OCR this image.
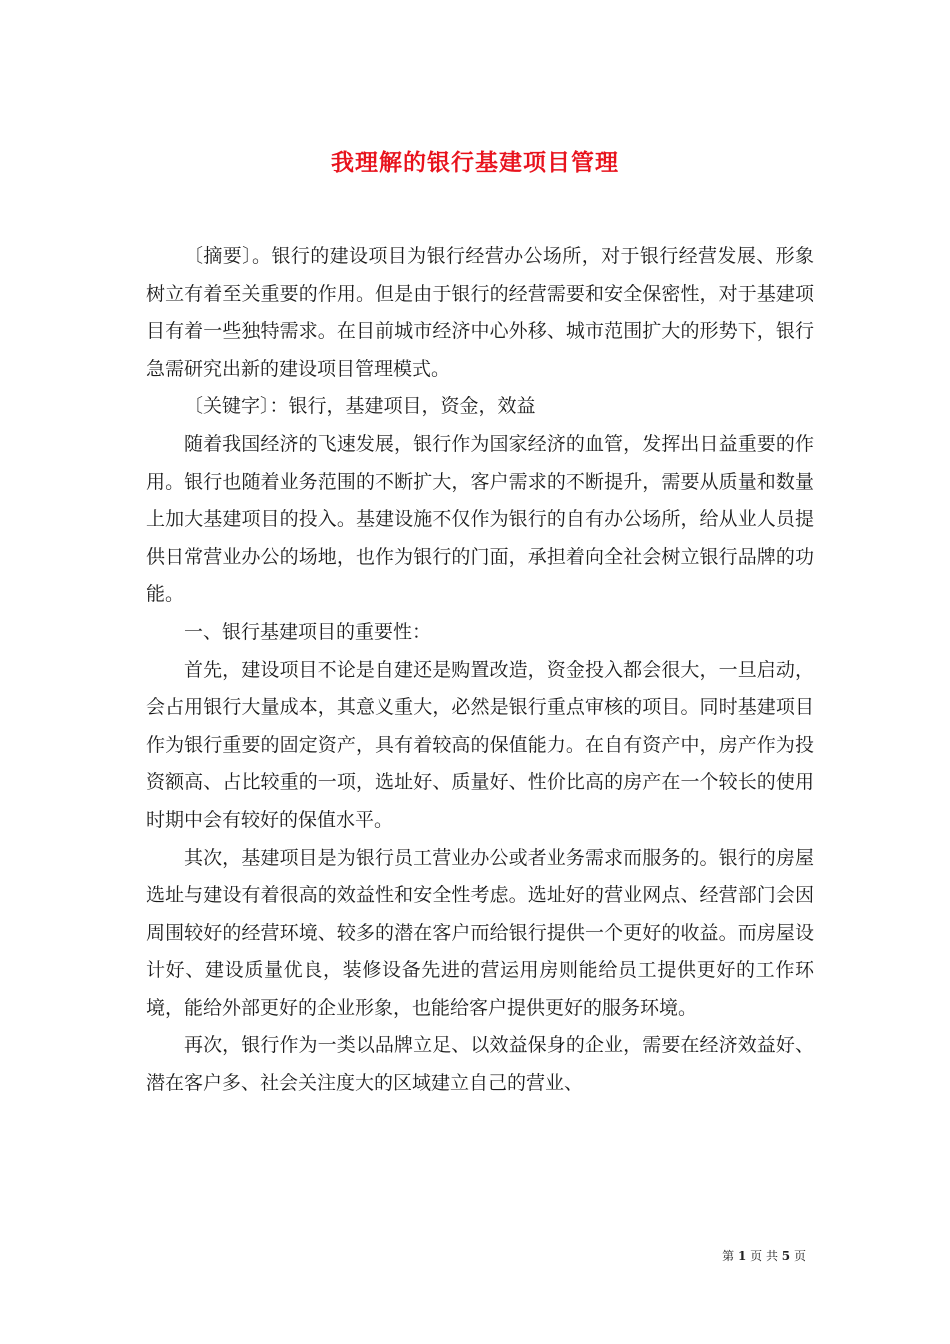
我理解的银行基建项目管理

〔摘要〕。银行的建设项目为银行经营办公场所，对于银行经营发展、形象树立有着至关重要的作用。但是由于银行的经营需要和安全保密性，对于基建项目有着一些独特需求。在目前城市经济中心外移、城市范围扩大的形势下，银行急需研究出新的建设项目管理模式。

〔关键字〕：银行，基建项目，资金，效益

随着我国经济的飞速发展，银行作为国家经济的血管，发挥出日益重要的作用。银行也随着业务范围的不断扩大，客户需求的不断提升，需要从质量和数量上加大基建项目的投入。基建设施不仅作为银行的自有办公场所，给从业人员提供日常营业办公的场地，也作为银行的门面，承担着向全社会树立银行品牌的功能。

一、银行基建项目的重要性：

首先，建设项目不论是自建还是购置改造，资金投入都会很大，一旦启动，会占用银行大量成本，其意义重大，必然是银行重点审核的项目。同时基建项目作为银行重要的固定资产，具有着较高的保值能力。在自有资产中，房产作为投资额高、占比较重的一项，选址好、质量好、性价比高的房产在一个较长的使用时期中会有较好的保值水平。

其次，基建项目是为银行员工营业办公或者业务需求而服务的。银行的房屋选址与建设有着很高的效益性和安全性考虑。选址好的营业网点、经营部门会因周围较好的经营环境、较多的潜在客户而给银行提供一个更好的收益。而房屋设计好、建设质量优良，装修设备先进的营运用房则能给员工提供更好的工作环境，能给外部更好的企业形象，也能给客户提供更好的服务环境。

再次，银行作为一类以品牌立足、以效益保身的企业，需要在经济效益好、潜在客户多、社会关注度大的区域建立自己的营业、

第 1 页 共 5 页
